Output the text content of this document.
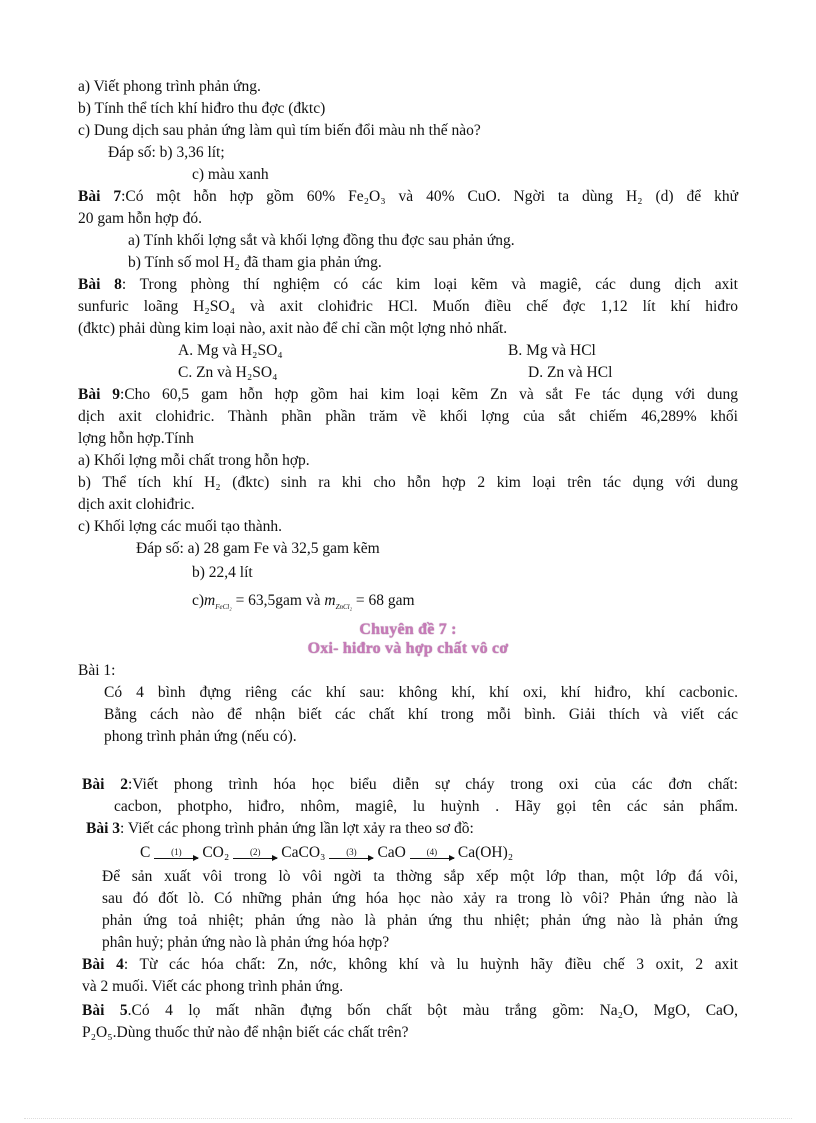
a) Viết phong trình phản ứng.
b) Tính thể tích khí hiđro thu đợc (đktc)
c) Dung dịch sau phản ứng làm quì tím biến đổi màu nh thế nào?
Đáp số: b) 3,36 lít;
c) màu xanh
Bài 7:Có một hỗn hợp gồm 60% Fe₂O₃ và 40% CuO. Ngời ta dùng H₂ (d) để khử
20 gam hỗn hợp đó.
a) Tính khối lợng sắt và khối lợng đồng thu đợc sau phản ứng.
b) Tính số mol H₂ đã tham gia phản ứng.
Bài 8: Trong phòng thí nghiệm có các kim loại kẽm và magiê, các dung dịch axit
sunfuric loãng H₂SO₄ và axit clohiđric HCl. Muốn điều chế đợc 1,12 lít khí hiđro
(đktc) phải dùng kim loại nào, axit nào để chỉ cần một lợng nhỏ nhất.
A. Mg và H₂SO₄	B. Mg và HCl
C. Zn và H₂SO₄	D. Zn và HCl
Bài 9:Cho 60,5 gam hỗn hợp gồm hai kim loại kẽm Zn và sắt Fe tác dụng với dung
dịch axit clohiđric. Thành phần phần trăm về khối lợng của sắt chiếm 46,289% khối
lợng hỗn hợp.Tính
a) Khối lợng mỗi chất trong hỗn hợp.
b) Thể tích khí H₂ (đktc) sinh ra khi cho hỗn hợp 2 kim loại trên tác dụng với dung
dịch axit clohiđric.
c) Khối lợng các muối tạo thành.
Đáp số: a) 28 gam Fe và 32,5 gam kẽm
b) 22,4 lít
$c)m_{FeCl_2} = 63,5gam$ và $m_{ZnCl_2} = 68$ gam
Chuyên đề 7 :
Oxi- hiđro và hợp chất vô cơ
Bài 1:
Có 4 bình đựng riêng các khí sau: không khí, khí oxi, khí hiđro, khí cacbonic.
Bằng cách nào để nhận biết các chất khí trong mỗi bình. Giải thích và viết các
phong trình phản ứng (nếu có).
Bài 2:Viết phong trình hóa học biểu diễn sự cháy trong oxi của các đơn chất:
cacbon, photpho, hiđro, nhôm, magiê, lu huỳnh . Hãy gọi tên các sản phẩm.
Bài 3: Viết các phong trình phản ứng lần lợt xảy ra theo sơ đồ:
C (1) CO₂ (2) CaCO₃ (3) CaO (4) Ca(OH)₂
Để sản xuất vôi trong lò vôi ngời ta thờng sắp xếp một lớp than, một lớp đá vôi,
sau đó đốt lò. Có những phản ứng hóa học nào xảy ra trong lò vôi? Phản ứng nào là
phản ứng toả nhiệt; phản ứng nào là phản ứng thu nhiệt; phản ứng nào là phản ứng
phân huỷ; phản ứng nào là phản ứng hóa hợp?
Bài 4: Từ các hóa chất: Zn, nớc, không khí và lu huỳnh hãy điều chế 3 oxit, 2 axit
và 2 muối. Viết các phong trình phản ứng.
Bài 5.Có 4 lọ mất nhãn đựng bốn chất bột màu trắng gồm: Na₂O, MgO, CaO,
P₂O₅.Dùng thuốc thử nào để nhận biết các chất trên?
